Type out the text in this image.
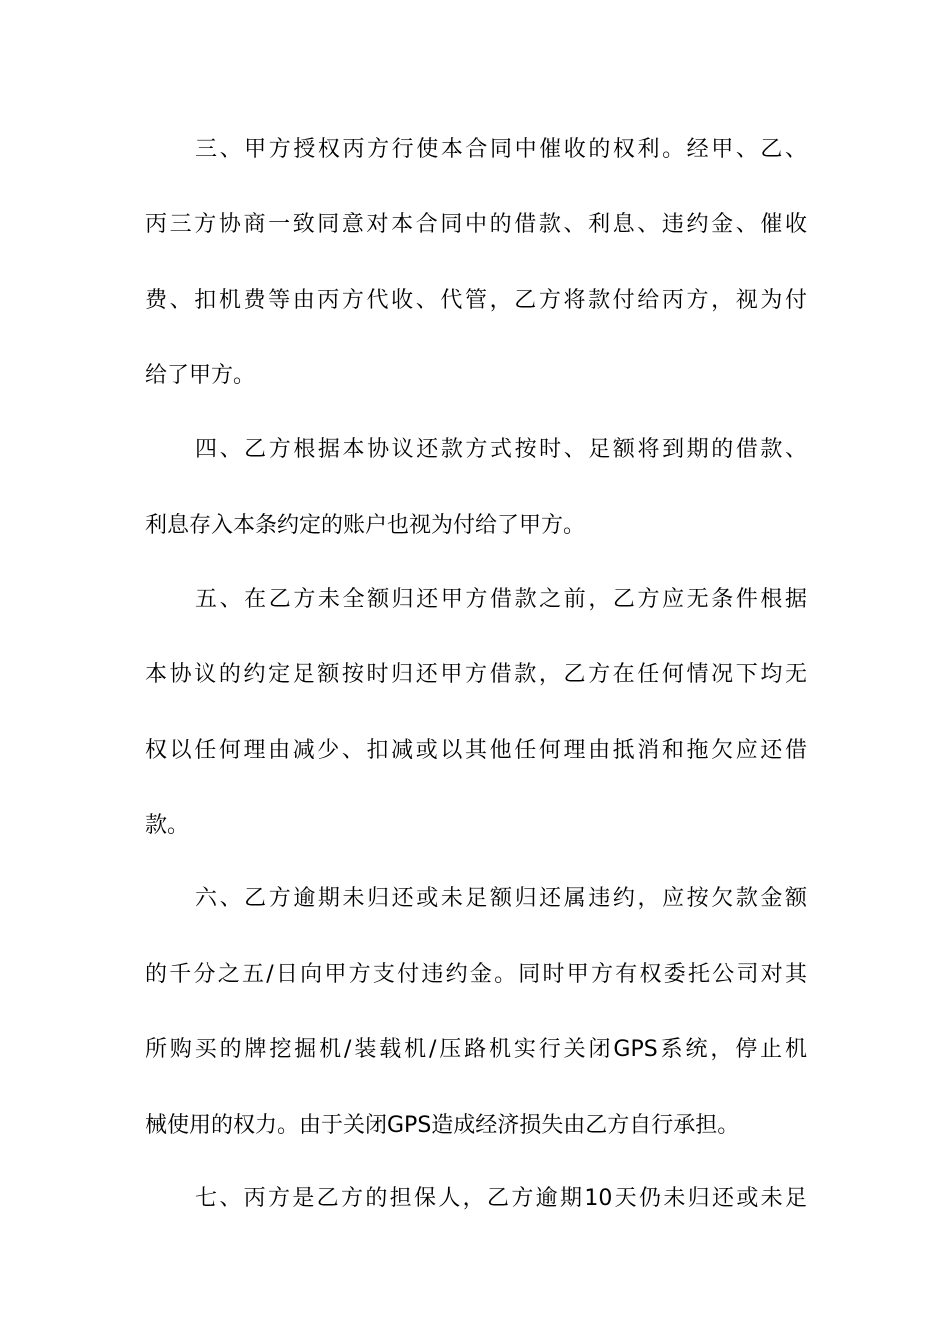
三、甲方授权丙方行使本合同中催收的权利。经甲、乙、
丙三方协商一致同意对本合同中的借款、利息、违约金、催收
费、扣机费等由丙方代收、代管，乙方将款付给丙方，视为付
给了甲方。
四、乙方根据本协议还款方式按时、足额将到期的借款、
利息存入本条约定的账户也视为付给了甲方。
五、在乙方未全额归还甲方借款之前，乙方应无条件根据
本协议的约定足额按时归还甲方借款，乙方在任何情况下均无
权以任何理由减少、扣减或以其他任何理由抵消和拖欠应还借
款。
六、乙方逾期未归还或未足额归还属违约，应按欠款金额
的千分之五/日向甲方支付违约金。同时甲方有权委托公司对其
所购买的牌挖掘机/装载机/压路机实行关闭GPS系统，停止机
械使用的权力。由于关闭GPS造成经济损失由乙方自行承担。
七、丙方是乙方的担保人，乙方逾期10天仍未归还或未足
